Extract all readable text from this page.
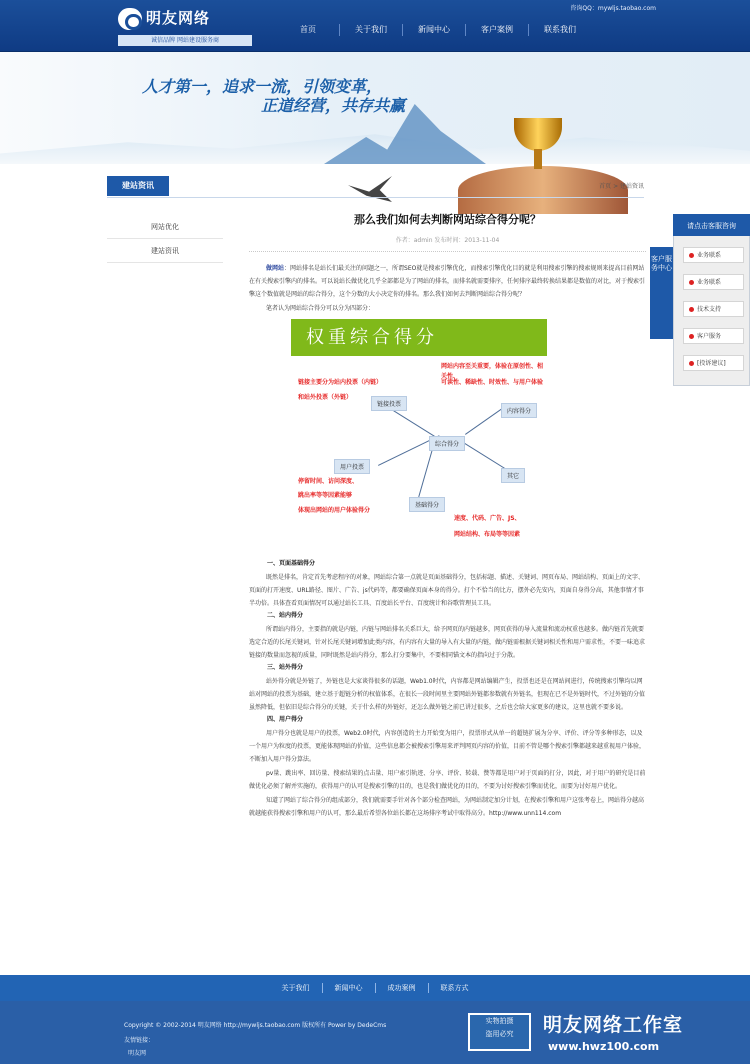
明友网络
诚信品牌 网站建设服务商
咨询QQ：mywljs.taobao.com
首页	关于我们	新闻中心	客户案例	联系我们
人才第一，追求一流，引领变革，
正道经营，共存共赢
建站资讯	首页 > 建站资讯
网站优化
建站资讯
那么我们如何去判断网站综合得分呢？
作者：admin 发布时间：2013-11-04
做网站：网站排名是站长们最关注的问题之一，所谓SEO就是搜索引擎优化，而搜索引擎优化目的就是利用搜索引擎的搜索规则来提高目前网站在有关搜索引擎内的排名。可以说站长做优化几乎全部都是为了网站的排名，而排名就需要排序，任何排序最终转换结果都是数值的对比，对于搜索引擎这个数值就是网站的综合得分，这个分数的大小决定你的排名。那么我们如何去判断网站综合得分呢？
笔者认为网站综合得分可以分为四部分：
权重综合得分
链接主要分为站内投票（内链）
和站外投票（外链）
网站内容至关重要，体验在原创性、相关性、
可读性、稀缺性、时效性、与用户体验
停留时间、访问深度、
跳出率等等因素能够
体现出网站的用户体验得分
速度、代码、广告、JS、
网站结构、布局等等因素
链接投票
内容得分
综合得分
用户投票
其它
基础得分
一、页面基础得分
既然是排名，肯定首先考虑程序的对象，网站综合第一点就是页面基础得分，包括标题、描述、关键词、网页布局、网站结构、页面上的文字、页面的打开速度、URL路径、图片、广告、js代码等，都要确保页面本身的得分。打个不恰当的比方，摆外必先安内，页面自身得分高，其他事情才事半功倍。具体查看页面情况可以通过站长工具、百度站长平台、百度统计和谷歌管理员工具。
二、站内得分
所谓站内得分，主要指的就是内链，内链与网站排名关系巨大，给予网页的内链越多，网页获得的导入流量和流动权重也越多。做内链首先就要选定合适的长尾关键词，针对长尾关键词增加此类内容，有内容有大量的导入有大量的内链，做内链需根据关键词相关性和用户需求性，不要一味追求链接的数量而忽视的质量，同时既然是站内得分，那么打分要集中，不要相同锚文本的指向过于分散。
三、站外得分
站外得分就是外链了，外链也是大家谈得很多的话题，Web1.0时代，内容都是网站编辑产生，投票也还是在网站间进行，传统搜索引擎均以网站对网站的投票为基础，建立基于超链分析的权值体系，在很长一段时间里主要网站外链都参数就有外链名，但现在已不是外链时代，不过外链的分值虽然降低，但依旧是综合得分的关键，关于什么样的外链好，还怎么做外链之前已讲过很多，之后也会给大家更多的建议，这里也就不要多说。
四、用户得分
用户得分也就是用户的投票，Web2.0时代，内容创造的主力开始变为用户，投票形式从单一的超链扩展为分享、评价、评分等多种形态，以及一个用户为粒度的投票，更能体现网站的价值，这些信息都会被搜索引擎用来评判网页内容的价值，目前不管是哪个搜索引擎都越来越重视用户体验，不断加入用户得分算法。
pv量、跳出率、回访量、搜索结果的点击量、用户索引轨迹、分享、评价、转载、赞等都是用户对于页面的打分，因此，对于用户的研究是目前做优化必须了解并实施的，获得用户的认可是搜索引擎的目的，也是我们做优化的目的，不要为讨好搜索引擎而优化，而要为讨好用户优化。
知道了网站了综合得分的组成部分，我们就需要手针对各个部分检查网站，为网站制定加分计划，在搜索引擎和用户这张考卷上，网站得分越高就越能获得搜索引擎和用户的认可，那么最后希望各位站长都在这场排序考试中取得高分。http://www.unn114.com
请点击客服咨询
客户服务中心
业务联系
业务联系
技术支持
客户服务
[投诉建议]
关于我们	新闻中心	成功案例	联系方式
Copyright © 2002-2014 明友网络 http://mywljs.taobao.com 版权所有 Power by DedeCms
友情链接：
明友网
实物拍摄
盗用必究	明友网络工作室
www.hwz100.com
